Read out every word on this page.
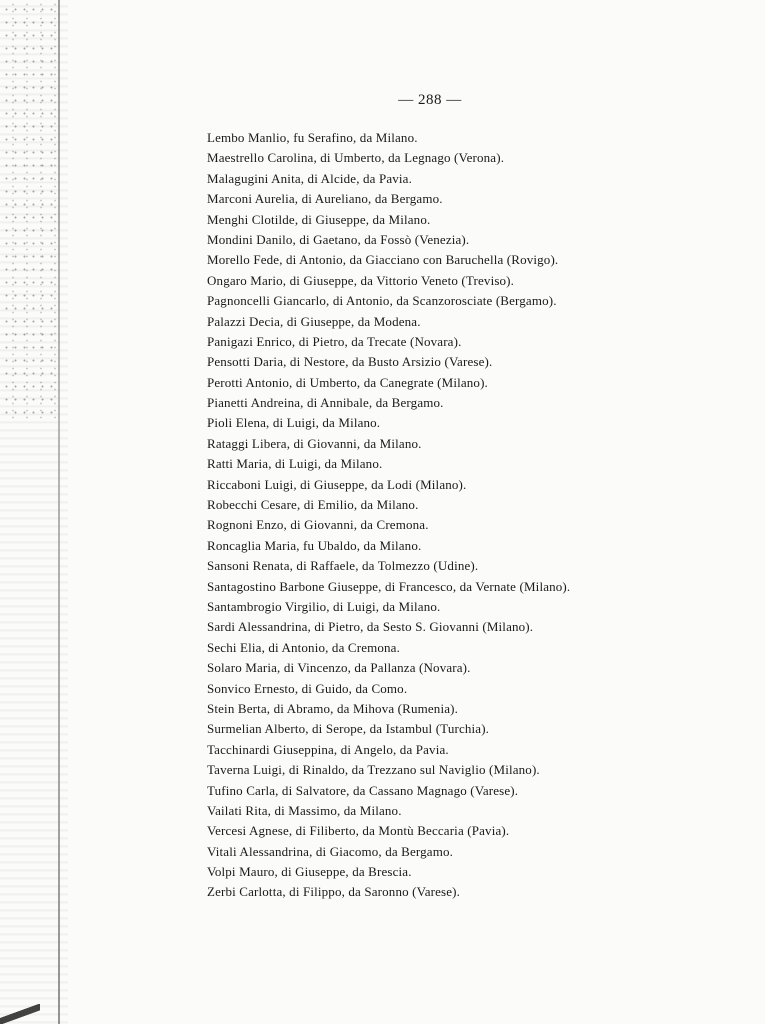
— 288 —
Lembo Manlio, fu Serafino, da Milano.
Maestrello Carolina, di Umberto, da Legnago (Verona).
Malagugini Anita, di Alcide, da Pavia.
Marconi Aurelia, di Aureliano, da Bergamo.
Menghi Clotilde, di Giuseppe, da Milano.
Mondini Danilo, di Gaetano, da Fossò (Venezia).
Morello Fede, di Antonio, da Giacciano con Baruchella (Rovigo).
Ongaro Mario, di Giuseppe, da Vittorio Veneto (Treviso).
Pagnoncelli Giancarlo, di Antonio, da Scanzorosciate (Bergamo).
Palazzi Decia, di Giuseppe, da Modena.
Panigazi Enrico, di Pietro, da Trecate (Novara).
Pensotti Daria, di Nestore, da Busto Arsizio (Varese).
Perotti Antonio, di Umberto, da Canegrate (Milano).
Pianetti Andreina, di Annibale, da Bergamo.
Pioli Elena, di Luigi, da Milano.
Rataggi Libera, di Giovanni, da Milano.
Ratti Maria, di Luigi, da Milano.
Riccaboni Luigi, di Giuseppe, da Lodi (Milano).
Robecchi Cesare, di Emilio, da Milano.
Rognoni Enzo, di Giovanni, da Cremona.
Roncaglia Maria, fu Ubaldo, da Milano.
Sansoni Renata, di Raffaele, da Tolmezzo (Udine).
Santagostino Barbone Giuseppe, di Francesco, da Vernate (Milano).
Santambrogio Virgilio, di Luigi, da Milano.
Sardi Alessandrina, di Pietro, da Sesto S. Giovanni (Milano).
Sechi Elia, di Antonio, da Cremona.
Solaro Maria, di Vincenzo, da Pallanza (Novara).
Sonvico Ernesto, di Guido, da Como.
Stein Berta, di Abramo, da Mihova (Rumenia).
Surmelian Alberto, di Serope, da Istambul (Turchia).
Tacchinardi Giuseppina, di Angelo, da Pavia.
Taverna Luigi, di Rinaldo, da Trezzano sul Naviglio (Milano).
Tufino Carla, di Salvatore, da Cassano Magnago (Varese).
Vailati Rita, di Massimo, da Milano.
Vercesi Agnese, di Filiberto, da Montù Beccaria (Pavia).
Vitali Alessandrina, di Giacomo, da Bergamo.
Volpi Mauro, di Giuseppe, da Brescia.
Zerbi Carlotta, di Filippo, da Saronno (Varese).
